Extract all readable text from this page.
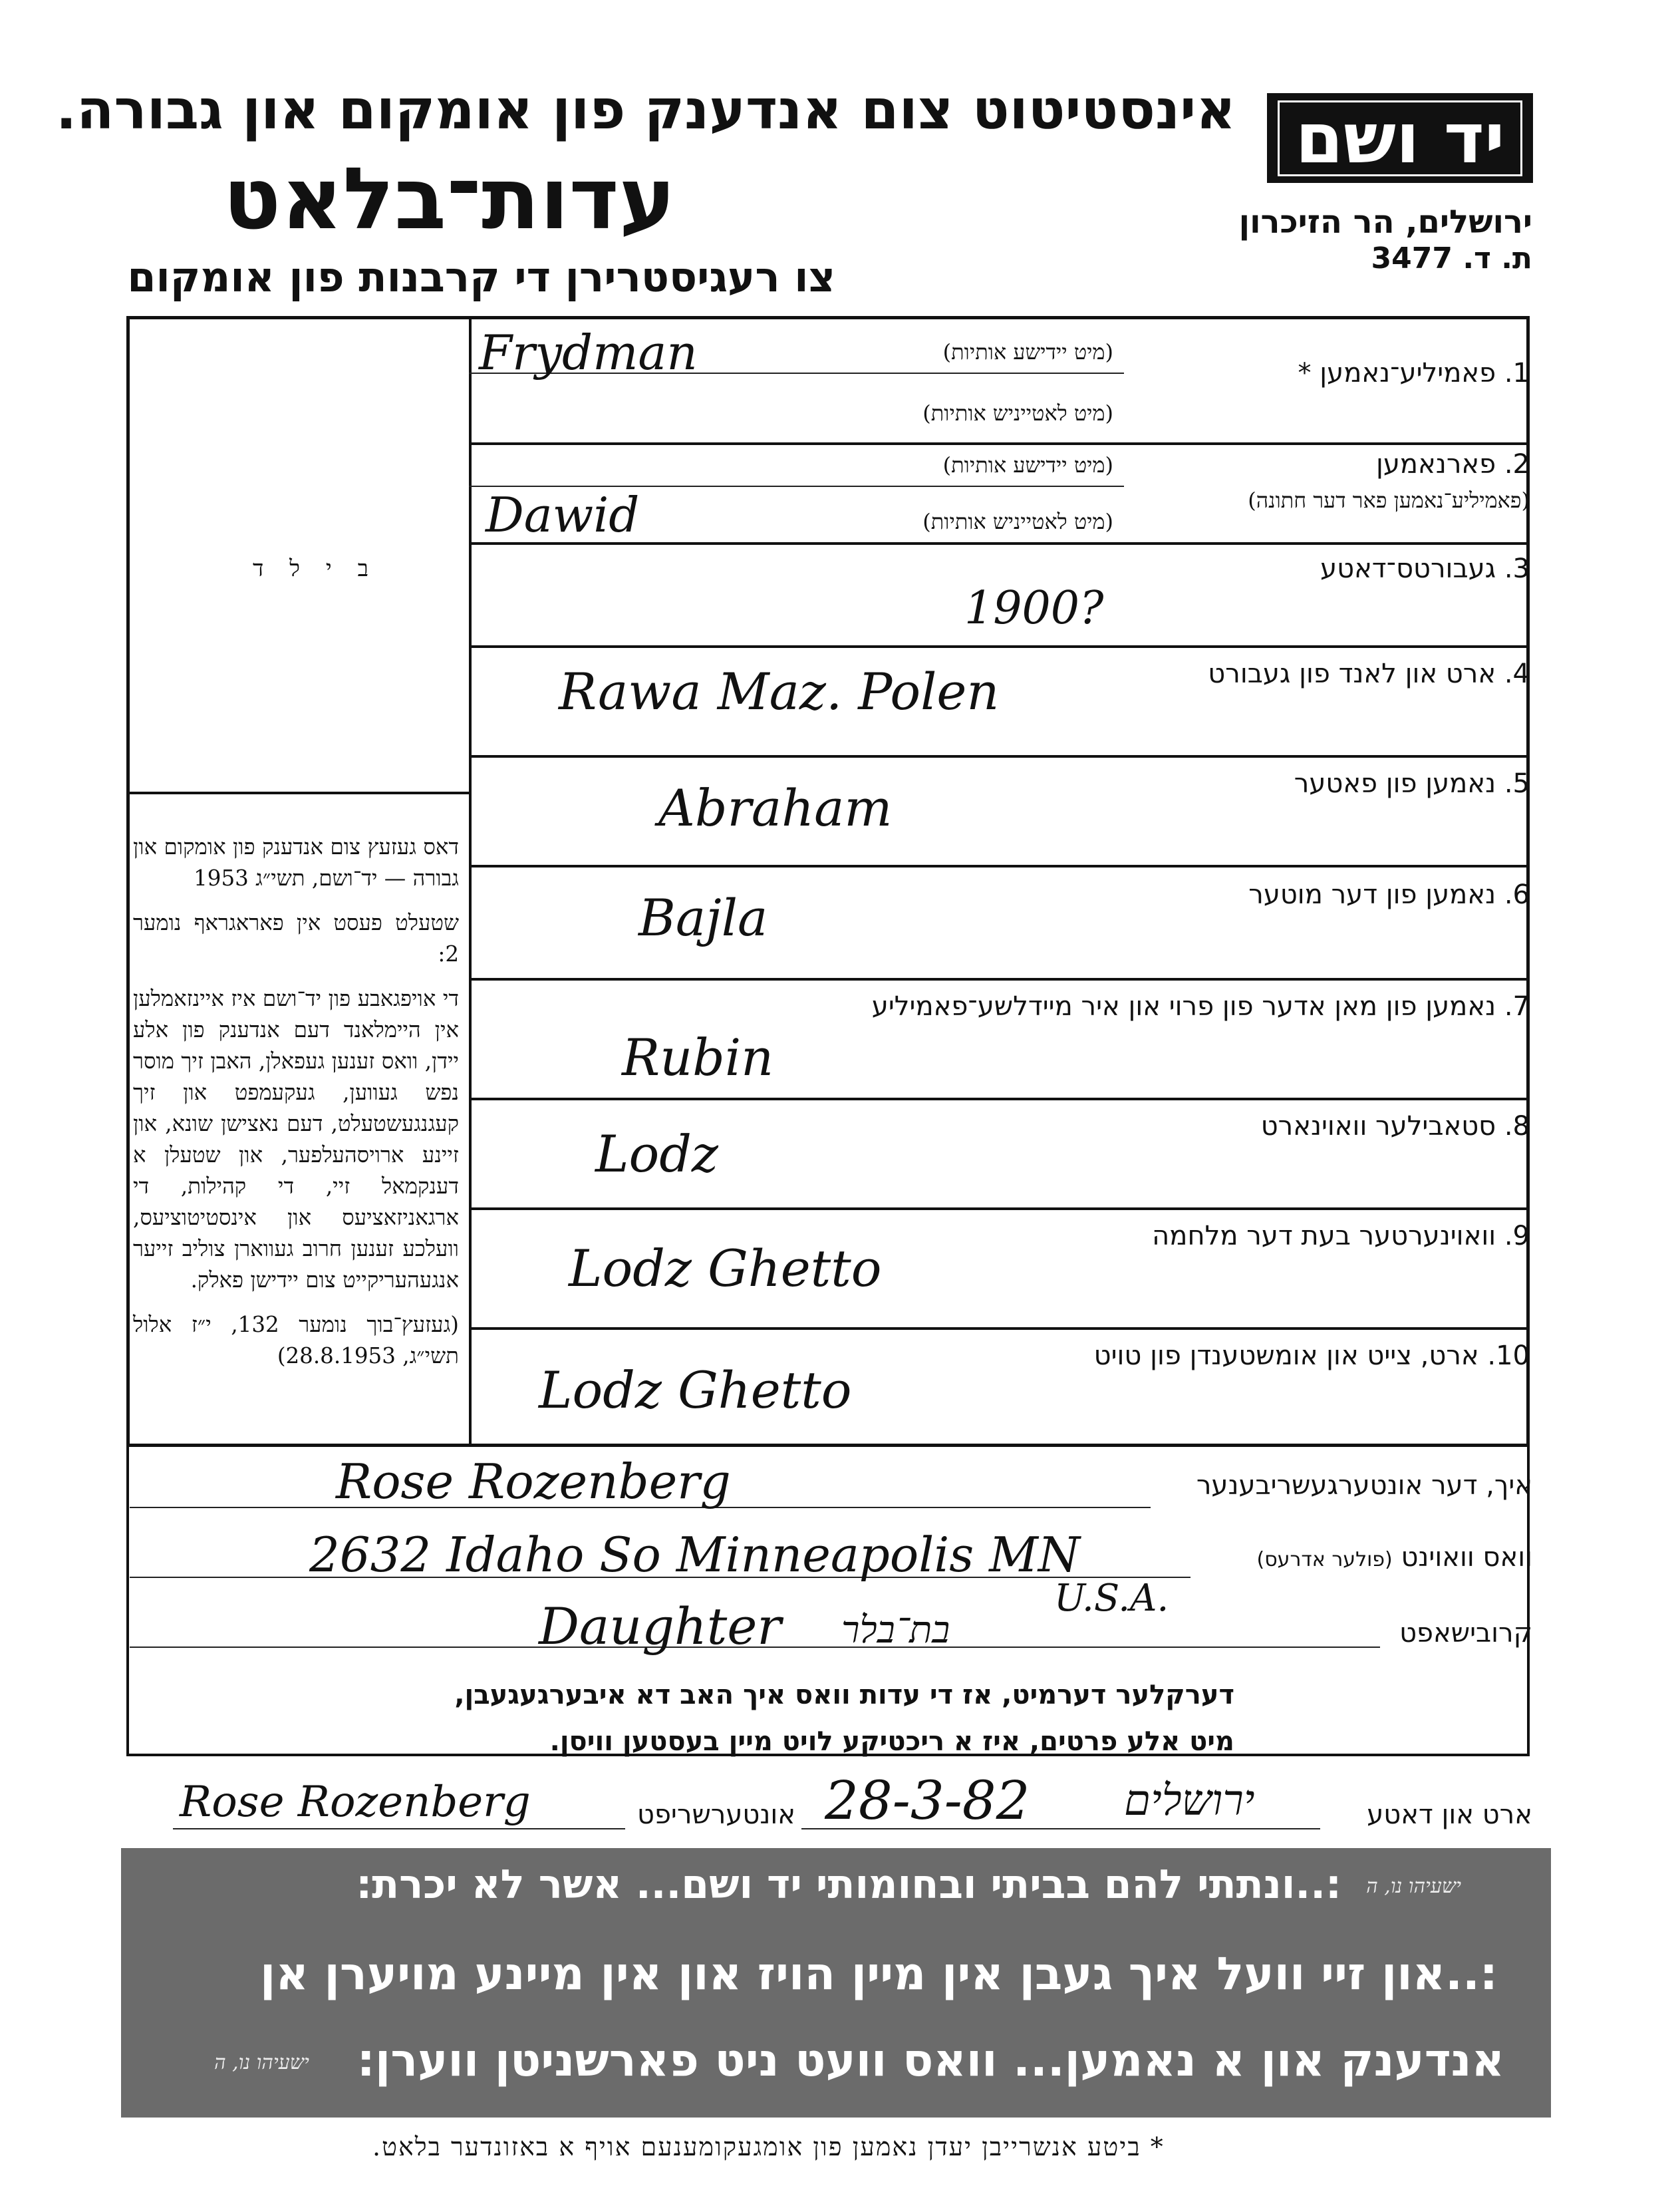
יד ושם
אינסטיטוט צום אנדענק פון אומקום און גבורה.
עדות־בלאט
צו רעגיסטרירן די קרבנות פון אומקום
ירושלים, הר הזיכרון
ת. ד. 3477
ב י ל ד

דאס געזעץ צום אנדענק פון אומקום און גבורה — יד־ושם, תשי״ג 1953

שטעלט פעסט אין פאראגראף נומער 2:

די אויפגאבע פון יד־ושם איז איינזאמלען אין היימלאנד דעם אנדענק פון אלע יידן, וואס זענען געפאלן, האבן זיך מוסר נפש געווען, געקעמפט און זיך קעגנגעשטעלט, דעם נאצישן שונא, און זיינע ארויסהעלפער, און שטעלן א דענקמאל זיי, די קהילות, די ארגאניזאציעס און אינסטיטוציעס, וועלכע זענען חרוב געווארן צוליב זייער אנגעהעריקייט צום יידישן פאלק.

(געזעץ־בוך נומער 132, י״ז אלול תשי״ג, 28.8.1953)

1. פאמיליע־נאמען *
(מיט יידישע אותיות)
(מיט לאטייניש אותיות)
Frydman
2. פארנאמען
(פאמיליע־נאמען פאר דער חתונה)
(מיט יידישע אותיות)
(מיט לאטייניש אותיות)
Dawid
3. געבורטס־דאטע
1900?
4. ארט און לאנד פון געבורט
Rawa Maz. Polen
5. נאמען פון פאטער
Abraham
6. נאמען פון דער מוטער
Bajla
7. נאמען פון מאן אדער פון פרוי און איר מיידלשע־פאמיליע
Rubin
8. סטאבילער וואוינארט
Lodz
9. וואוינערטער בעת דער מלחמה
Lodz Ghetto
10. ארט, צייט און אומשטענדן פון טויט
Lodz Ghetto
איך, דער אונטערגעשריבענער
Rose Rozenberg
וואס וואוינט (פולער אדרעס)
2632 Idaho So Minneapolis MN
U.S.A.
קרובישאפט
Daughter בת־בלר
דערקלער דערמיט, אז די עדות וואס איך האב דא איבערגעגעבן,
מיט אלע פרטים, איז א ריכטיקע לויט מיין בעסטען וויסן.
ארט און דאטע
ירושלים
28-3-82
אונטערשריפט
Rose Rozenberg
:..ונתתי להם בביתי ובחומותי יד ושם... אשר לא יכרת: ישעיהו נו, ה
:..און זיי וועל איך געבן אין מיין הויז און אין מיינע מויערן אן
אנדענק און א נאמען... וואס וועט ניט פארשניטן ווערן:
ישעיהו נו, ה
* ביטע אנשרייבן יעדן נאמען פון אומגעקומענעם אויף א באזונדער בלאט.
